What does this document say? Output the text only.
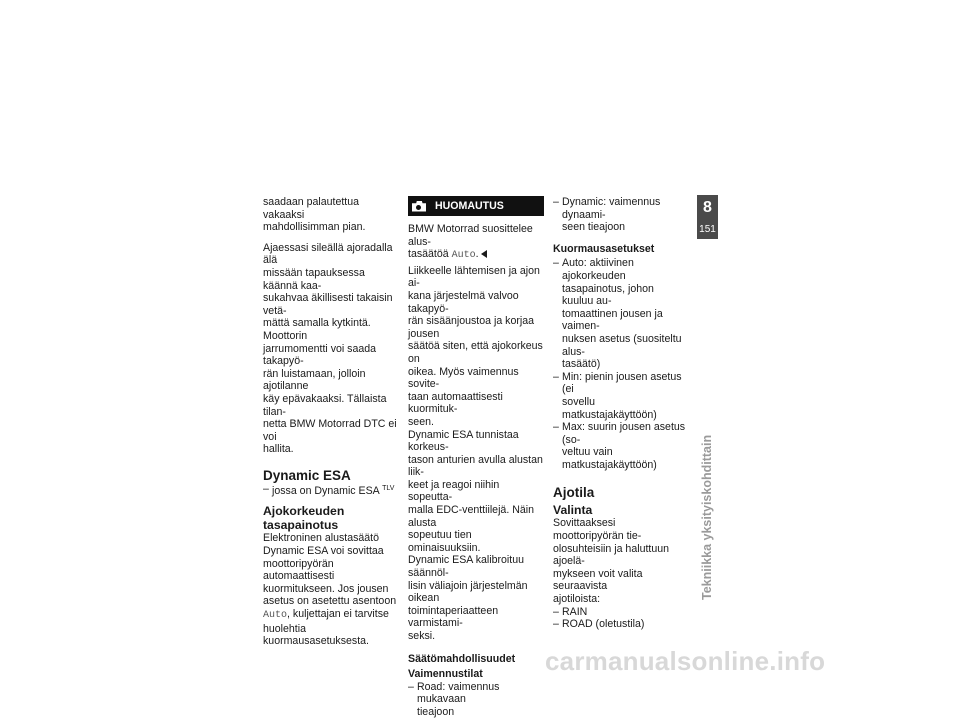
saadaan palautettua vakaaksi
mahdollisimman pian.

Ajaessasi sileällä ajoradalla älä
missään tapauksessa käännä kaa-
sukahvaa äkillisesti takaisin vetä-
mättä samalla kytkintä. Moottorin
jarrumomentti voi saada takapyö-
rän luistamaan, jolloin ajotilanne
käy epävakaaksi. Tällaista tilan-
netta BMW Motorrad DTC ei voi
hallita.

Dynamic ESA
– jossa on Dynamic ESA $^{TLV}$
Ajokorkeuden
tasapainotus

Elektroninen alustasäätö
Dynamic ESA voi sovittaa
moottoripyörän automaattisesti
kuormitukseen. Jos jousen
asetus on asetettu asentoon
Auto, kuljettajan ei tarvitse
huolehtia kuormausasetuksesta.

HUOMAUTUS

BMW Motorrad suosittelee alus-
tasäätöä Auto.

Liikkeelle lähtemisen ja ajon ai-
kana järjestelmä valvoo takapyö-
rän sisäänjoustoa ja korjaa jousen
säätöä siten, että ajokorkeus on
oikea. Myös vaimennus sovite-
taan automaattisesti kuormituk-
seen.
Dynamic ESA tunnistaa korkeus-
tason anturien avulla alustan liik-
keet ja reagoi niihin sopeutta-
malla EDC-venttiilejä. Näin alusta
sopeutuu tien ominaisuuksiin.
Dynamic ESA kalibroituu säännöl-
lisin väliajoin järjestelmän oikean
toimintaperiaatteen varmistami-
seksi.

Säätömahdollisuudet
Vaimennustilat
– Road: vaimennus mukavaan
tieajoon
– Dynamic: vaimennus dynaami-
seen tieajoon
Kuormausasetukset
– Auto: aktiivinen ajokorkeuden
tasapainotus, johon kuuluu au-
tomaattinen jousen ja vaimen-
nuksen asetus (suositeltu alus-
tasäätö)
– Min: pienin jousen asetus (ei
sovellu matkustajakäyttöön)
– Max: suurin jousen asetus (so-
veltuu vain matkustajakäyttöön)
Ajotila
Valinta

Sovittaaksesi moottoripyörän tie-
olosuhteisiin ja haluttuun ajoelä-
mykseen voit valita seuraavista
ajotiloista:

– RAIN
– ROAD (oletustila)
8
151
Tekniikka yksityiskohdittain
carmanualsonline.info
